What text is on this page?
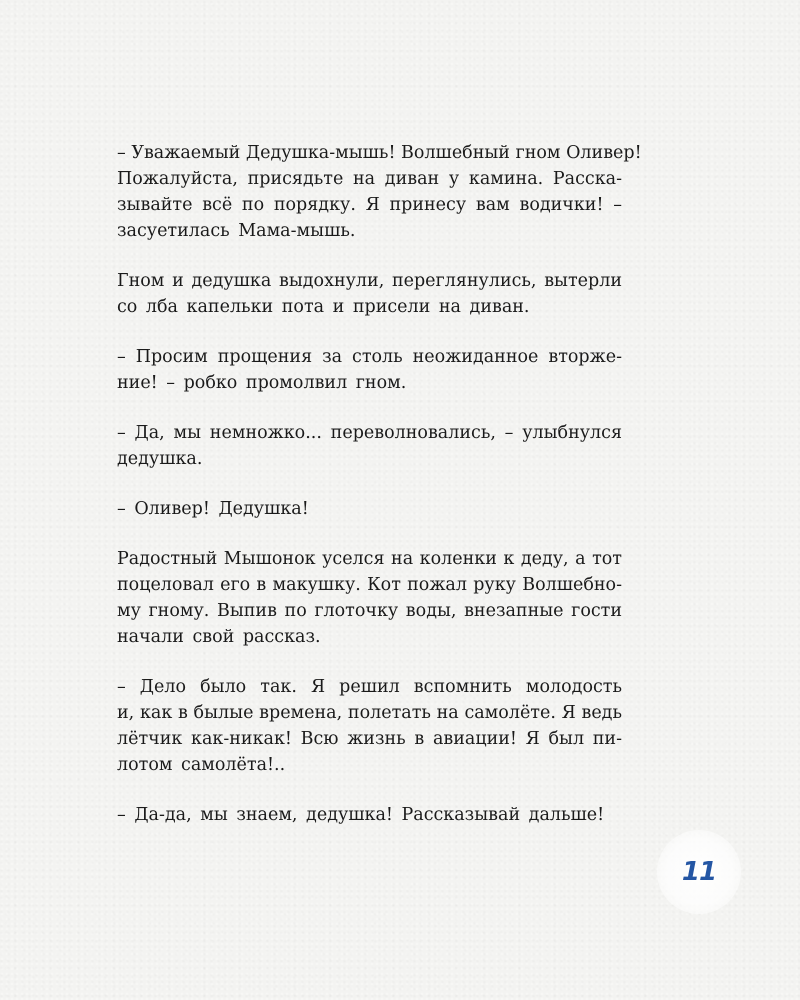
– Уважаемый Дедушка-мышь! Волшебный гном Оливер!
Пожалуйста, присядьте на диван у камина. Расска-
зывайте всё по порядку. Я принесу вам водички! –
засуетилась Мама-мышь.

Гном и дедушка выдохнули, переглянулись, вытерли
со лба капельки пота и присели на диван.

– Просим прощения за столь неожиданное вторже-
ние! – робко промолвил гном.

– Да, мы немножко... переволновались, – улыбнулся
дедушка.

– Оливер! Дедушка!

Радостный Мышонок уселся на коленки к деду, а тот
поцеловал его в макушку. Кот пожал руку Волшебно-
му гному. Выпив по глоточку воды, внезапные гости
начали свой рассказ.

– Дело было так. Я решил вспомнить молодость
и, как в былые времена, полетать на самолёте. Я ведь
лётчик как-никак! Всю жизнь в авиации! Я был пи-
лотом самолёта!..

– Да-да, мы знаем, дедушка! Рассказывай дальше!

11
